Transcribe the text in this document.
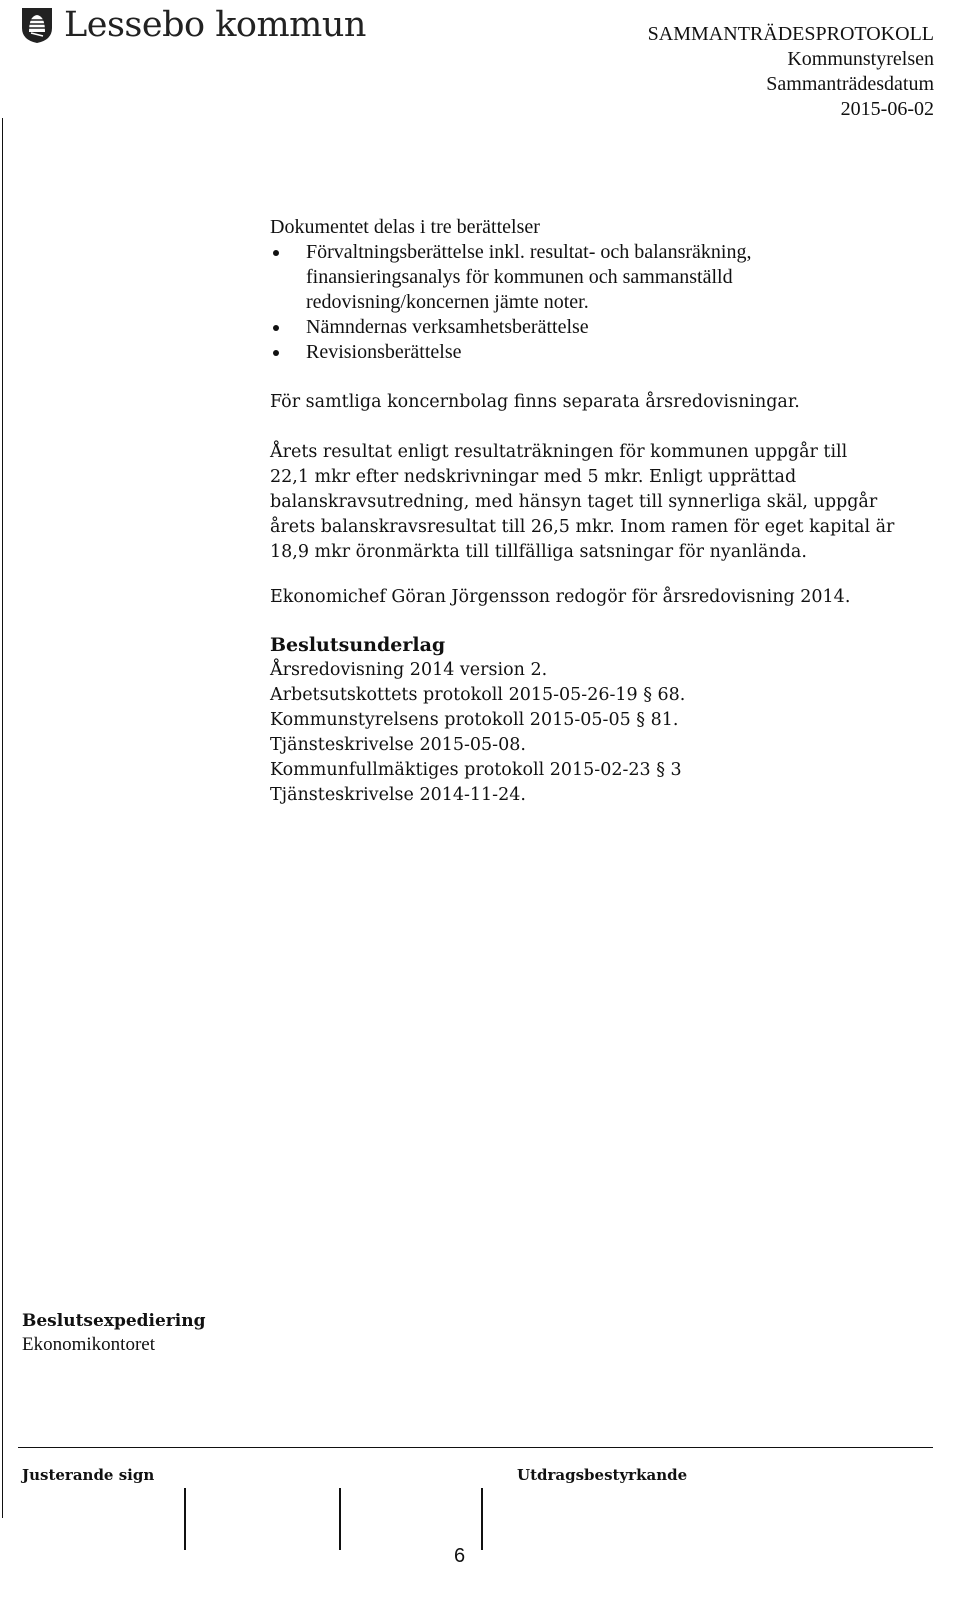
Lessebo kommun	SAMMANTRÄDESPROTOKOLL
Kommunstyrelsen
Sammanträdesdatum
2015-06-02
Dokumentet delas i tre berättelser
Förvaltningsberättelse inkl. resultat- och balansräkning,
finansieringsanalys för kommunen och sammanställd
redovisning/koncernen jämte noter.
Nämndernas verksamhetsberättelse
Revisionsberättelse
För samtliga koncernbolag finns separata årsredovisningar.
Årets resultat enligt resultaträkningen för kommunen uppgår till
22,1 mkr efter nedskrivningar med 5 mkr. Enligt upprättad
balanskravsutredning, med hänsyn taget till synnerliga skäl, uppgår
årets balanskravsresultat till 26,5 mkr. Inom ramen för eget kapital är
18,9 mkr öronmärkta till tillfälliga satsningar för nyanlända.
Ekonomichef Göran Jörgensson redogör för årsredovisning 2014.
Beslutsunderlag
Årsredovisning 2014 version 2.
Arbetsutskottets protokoll 2015-05-26-19 § 68.
Kommunstyrelsens protokoll 2015-05-05 § 81.
Tjänsteskrivelse 2015-05-08.
Kommunfullmäktiges protokoll 2015-02-23 § 3
Tjänsteskrivelse 2014-11-24.
Beslutsexpediering
Ekonomikontoret
Justerande sign	Utdragsbestyrkande
6
